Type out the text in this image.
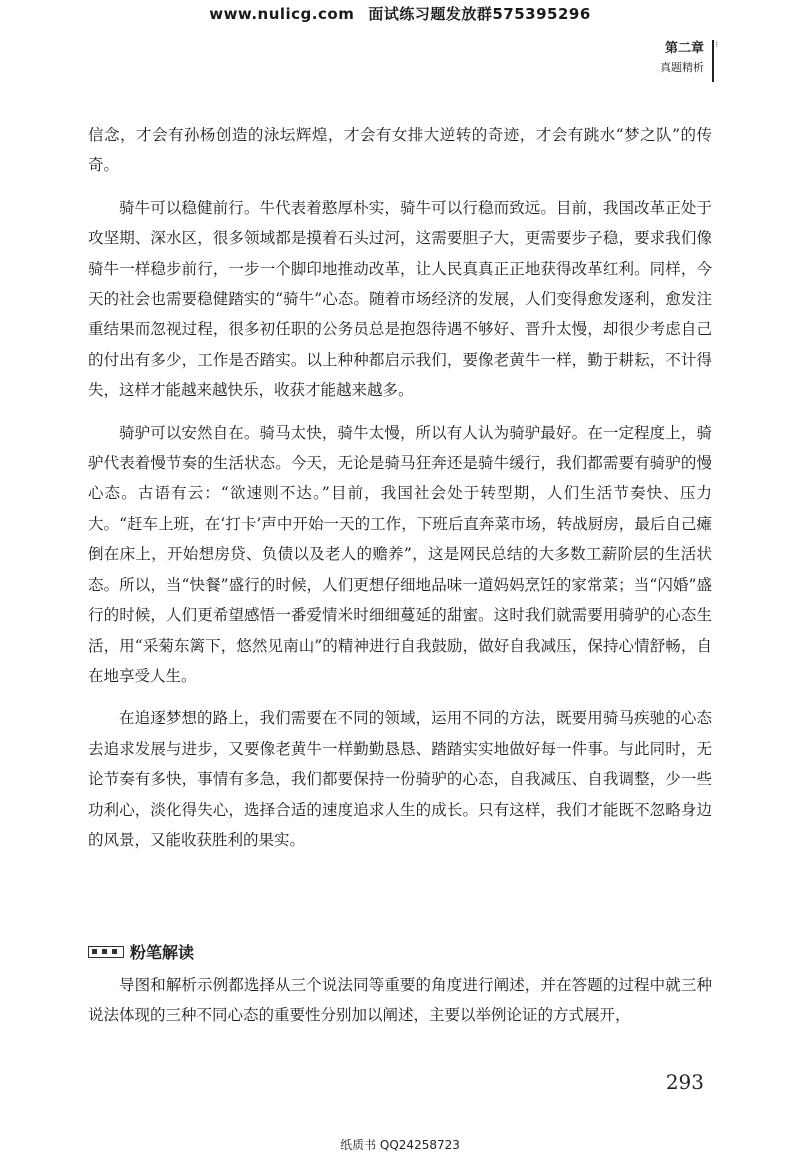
www.nulicg.com 面试练习题发放群575395296
第二章
真题精析
⁝

信念，才会有孙杨创造的泳坛辉煌，才会有女排大逆转的奇迹，才会有跳水“梦之队”的传奇。

骑牛可以稳健前行。牛代表着憨厚朴实，骑牛可以行稳而致远。目前，我国改革正处于攻坚期、深水区，很多领域都是摸着石头过河，这需要胆子大，更需要步子稳，要求我们像骑牛一样稳步前行，一步一个脚印地推动改革，让人民真真正正地获得改革红利。同样，今天的社会也需要稳健踏实的“骑牛”心态。随着市场经济的发展，人们变得愈发逐利，愈发注重结果而忽视过程，很多初任职的公务员总是抱怨待遇不够好、晋升太慢，却很少考虑自己的付出有多少，工作是否踏实。以上种种都启示我们，要像老黄牛一样，勤于耕耘，不计得失，这样才能越来越快乐，收获才能越来越多。

骑驴可以安然自在。骑马太快，骑牛太慢，所以有人认为骑驴最好。在一定程度上，骑驴代表着慢节奏的生活状态。今天，无论是骑马狂奔还是骑牛缓行，我们都需要有骑驴的慢心态。古语有云：“欲速则不达。”目前，我国社会处于转型期，人们生活节奏快、压力大。“赶车上班，在‘打卡’声中开始一天的工作，下班后直奔菜市场，转战厨房，最后自己瘫倒在床上，开始想房贷、负债以及老人的赡养”，这是网民总结的大多数工薪阶层的生活状态。所以，当“快餐”盛行的时候，人们更想仔细地品味一道妈妈烹饪的家常菜；当“闪婚”盛行的时候，人们更希望感悟一番爱情米时细细蔓延的甜蜜。这时我们就需要用骑驴的心态生活，用“采菊东篱下，悠然见南山”的精神进行自我鼓励，做好自我减压，保持心情舒畅，自在地享受人生。

在追逐梦想的路上，我们需要在不同的领域，运用不同的方法，既要用骑马疾驰的心态去追求发展与进步，又要像老黄牛一样勤勤恳恳、踏踏实实地做好每一件事。与此同时，无论节奏有多快，事情有多急，我们都要保持一份骑驴的心态，自我减压、自我调整，少一些功利心，淡化得失心，选择合适的速度追求人生的成长。只有这样，我们才能既不忽略身边的风景，又能收获胜利的果实。

粉笔解读

导图和解析示例都选择从三个说法同等重要的角度进行阐述，并在答题的过程中就三种说法体现的三种不同心态的重要性分别加以阐述，主要以举例论证的方式展开，

293
纸质书 QQ24258723
